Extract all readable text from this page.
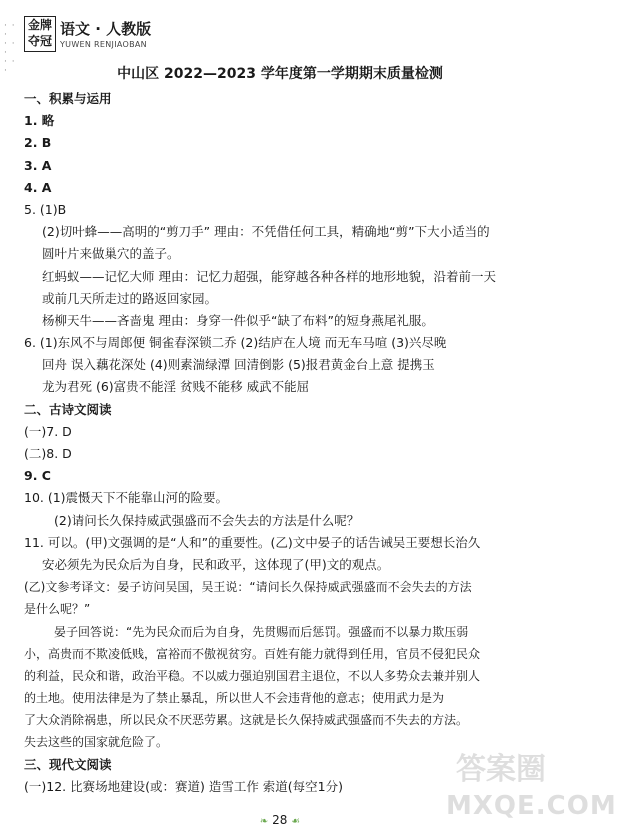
· · ·
· · ·
· · ·
金牌
夺冠
语文 · 人教版
YUWEN RENJIAOBAN
中山区 2022—2023 学年度第一学期期末质量检测
一、积累与运用
1. 略
2. B
3. A
4. A
5. (1)B
(2)切叶蜂——高明的“剪刀手” 理由：不凭借任何工具，精确地“剪”下大小适当的
圆叶片来做巢穴的盖子。
红蚂蚁——记忆大师 理由：记忆力超强，能穿越各种各样的地形地貌，沿着前一天
或前几天所走过的路返回家园。
杨柳天牛——吝啬鬼 理由：身穿一件似乎“缺了布料”的短身燕尾礼服。
6. (1)东风不与周郎便 铜雀春深锁二乔 (2)结庐在人境 而无车马喧 (3)兴尽晚
回舟 误入藕花深处 (4)则素湍绿潭 回清倒影 (5)报君黄金台上意 提携玉
龙为君死 (6)富贵不能淫 贫贱不能移 威武不能屈
二、古诗文阅读
(一)7. D
(二)8. D
9. C
10. (1)震慑天下不能靠山河的险要。
(2)请问长久保持威武强盛而不会失去的方法是什么呢？
11. 可以。(甲)文强调的是“人和”的重要性。(乙)文中晏子的话告诫吴王要想长治久
安必须先为民众后为自身，民和政平，这体现了(甲)文的观点。
(乙)文参考译文：晏子访问吴国，吴王说：“请问长久保持威武强盛而不会失去的方法
是什么呢？”
晏子回答说：“先为民众而后为自身，先贯赐而后惩罚。强盛而不以暴力欺压弱
小，高贵而不欺凌低贱，富裕而不傲视贫穷。百姓有能力就得到任用，官员不侵犯民众
的利益，民众和谐，政治平稳。不以威力强迫别国君主退位，不以人多势众去兼并别人
的土地。使用法律是为了禁止暴乱，所以世人不会违背他的意志；使用武力是为
了大众消除祸患，所以民众不厌恶劳累。这就是长久保持威武强盛而不失去的方法。
失去这些的国家就危险了。
三、现代文阅读
(一)12. 比赛场地建设(或：赛道) 造雪工作 索道(每空1分)	答案圈
MXQE.COM
❧ 28 ☙
